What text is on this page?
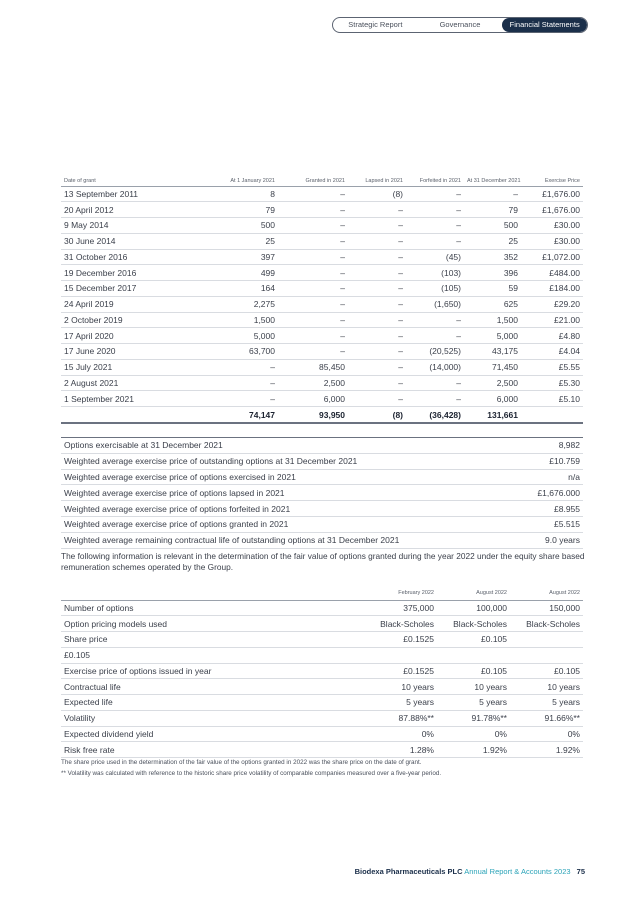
Strategic Report	Governance	Financial Statements
Date of grant	At 1 January 2021	Granted in 2021	Lapsed in 2021	Forfeited in 2021	At 31 December 2021	Exercise Price
13 September 2011	8	–	(8)	–	–	£1,676.00
20 April 2012	79	–	–	–	79	£1,676.00
9 May 2014	500	–	–	–	500	£30.00
30 June 2014	25	–	–	–	25	£30.00
31 October 2016	397	–	–	(45)	352	£1,072.00
19 December 2016	499	–	–	(103)	396	£484.00
15 December 2017	164	–	–	(105)	59	£184.00
24 April 2019	2,275	–	–	(1,650)	625	£29.20
2 October 2019	1,500	–	–	–	1,500	£21.00
17 April 2020	5,000	–	–	–	5,000	£4.80
17 June 2020	63,700	–	–	(20,525)	43,175	£4.04
15 July 2021	–	85,450	–	(14,000)	71,450	£5.55
2 August 2021	–	2,500	–	–	2,500	£5.30
1 September 2021	–	6,000	–	–	6,000	£5.10
	74,147	93,950	(8)	(36,428)	131,661	
Options exercisable at 31 December 2021	8,982
Weighted average exercise price of outstanding options at 31 December 2021	£10.759
Weighted average exercise price of options exercised in 2021	n/a
Weighted average exercise price of options lapsed in 2021	£1,676.000
Weighted average exercise price of options forfeited in 2021	£8.955
Weighted average exercise price of options granted in 2021	£5.515
Weighted average remaining contractual life of outstanding options at 31 December 2021	9.0 years

The following information is relevant in the determination of the fair value of options granted during the year 2022 under the equity share based remuneration schemes operated by the Group.

	February 2022	August 2022	August 2022
Number of options	375,000	100,000	150,000
Option pricing models used	Black-Scholes	Black-Scholes	Black-Scholes
Share price	£0.1525	£0.105	
£0.105			
Exercise price of options issued in year	£0.1525	£0.105	£0.105
Contractual life	10 years	10 years	10 years
Expected life	5 years	5 years	5 years
Volatility	87.88%**	91.78%**	91.66%**
Expected dividend yield	0%	0%	0%
Risk free rate	1.28%	1.92%	1.92%

The share price used in the determination of the fair value of the options granted in 2022 was the share price on the date of grant.

** Volatility was calculated with reference to the historic share price volatility of comparable companies measured over a five-year period.

Biodexa Pharmaceuticals PLC Annual Report & Accounts 2023 75
